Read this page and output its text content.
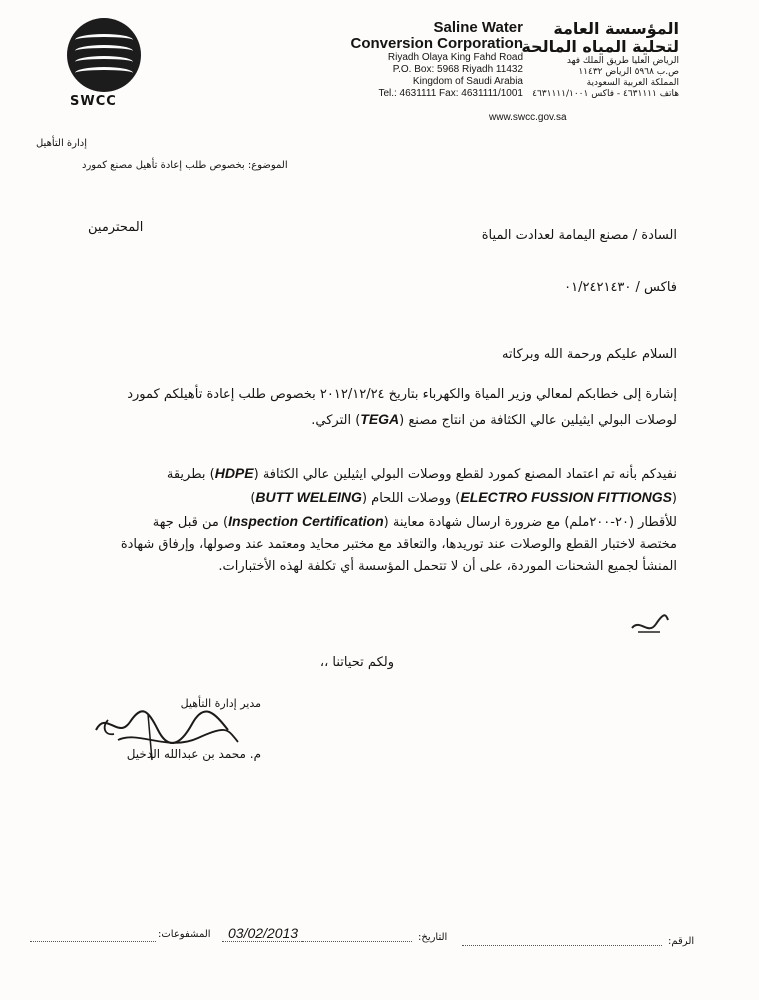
SWCC
Saline Water
Conversion Corporation
Riyadh Olaya King Fahd Road
P.O. Box: 5968 Riyadh 11432
Kingdom of Saudi Arabia
Tel.: 4631111 Fax: 4631111/1001
المؤسسة العامة
لتحلية المياه المالحة
الرياض العليا طريق الملك فهد
ص.ب ٥٩٦٨ الرياض ١١٤٣٢
المملكة العربية السعودية
هاتف ٤٦٣١١١١ - فاكس ٤٦٣١١١١/١٠٠١
www.swcc.gov.sa
إدارة التأهيل
الموضوع: بخصوص طلب إعادة تأهيل مصنع كمورد
السادة / مصنع اليمامة لعدادت المياة
المحترمين
فاكس / ٠١/٢٤٢١٤٣٠
السلام عليكم ورحمة الله وبركاته
إشارة إلى خطابكم لمعالي وزير المياة والكهرباء بتاريخ ٢٠١٢/١٢/٢٤ بخصوص طلب إعادة تأهيلكم كمورد
لوصلات البولي ايثيلين عالي الكثافة من انتاج مصنع (TEGA) التركي.
نفيدكم بأنه تم اعتماد المصنع كمورد لقطع ووصلات البولي ايثيلين عالي الكثافة (HDPE) بطريقة
(ELECTRO FUSSION FITTIONGS) ووصلات اللحام (BUTT WELEING)
للأقطار (٢٠-٢٠٠ملم) مع ضرورة ارسال شهادة معاينة (Inspection Certification) من قبل جهة
مختصة لاختبار القطع والوصلات عند توريدها، والتعاقد مع مختبر محايد ومعتمد عند وصولها، وإرفاق شهادة
المنشأ لجميع الشحنات الموردة، على أن لا تتحمل المؤسسة أي تكلفة لهذه الأختبارات.
ولكم تحياتنا ،،
مدير إدارة التأهيل
م. محمد بن عبدالله الدخيل
المشفوعات:	03/02/2013	التاريخ:	الرقم:
